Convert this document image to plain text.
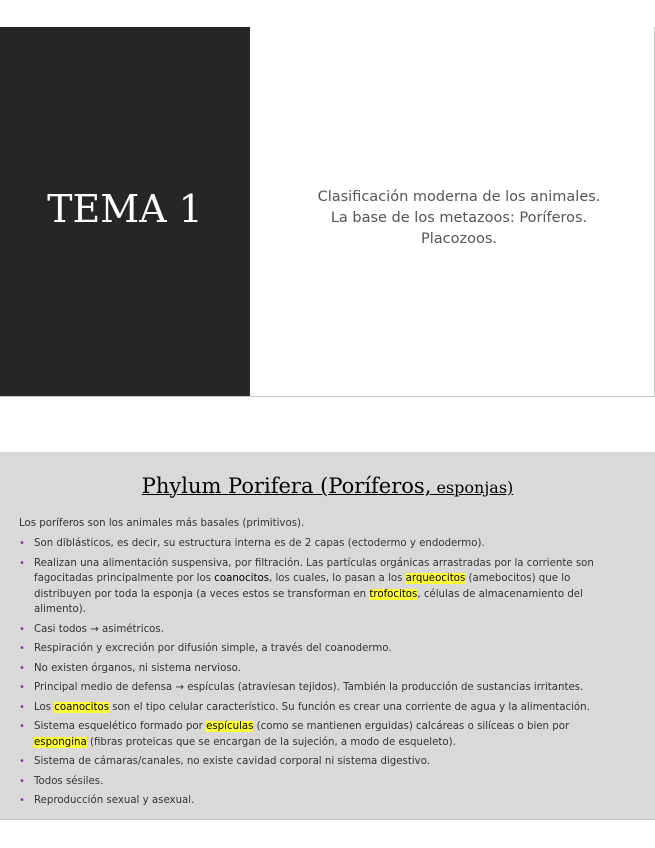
TEMA 1	Clasificación moderna de los animales.
La base de los metazoos: Poríferos.
Placozoos.
Phylum Porifera (Poríferos, esponjas)
Los poríferos son los animales más basales (primitivos).
• Son diblásticos, es decir, su estructura interna es de 2 capas (ectodermo y endodermo).
• Realizan una alimentación suspensiva, por filtración. Las partículas orgánicas arrastradas por la corriente son fagocitadas principalmente por los coanocitos, los cuales, lo pasan a los arqueocitos (amebocitos) que lo distribuyen por toda la esponja (a veces estos se transforman en trofocitos, células de almacenamiento del alimento).
• Casi todos → asimétricos.
• Respiración y excreción por difusión simple, a través del coanodermo.
• No existen órganos, ni sistema nervioso.
• Principal medio de defensa → espículas (atraviesan tejidos). También la producción de sustancias irritantes.
• Los coanocitos son el tipo celular característico. Su función es crear una corriente de agua y la alimentación.
• Sistema esquelético formado por espículas (como se mantienen erguidas) calcáreas o silíceas o bien por espongina (fibras proteicas que se encargan de la sujeción, a modo de esqueleto).
• Sistema de cámaras/canales, no existe cavidad corporal ni sistema digestivo.
• Todos sésiles.
• Reproducción sexual y asexual.
